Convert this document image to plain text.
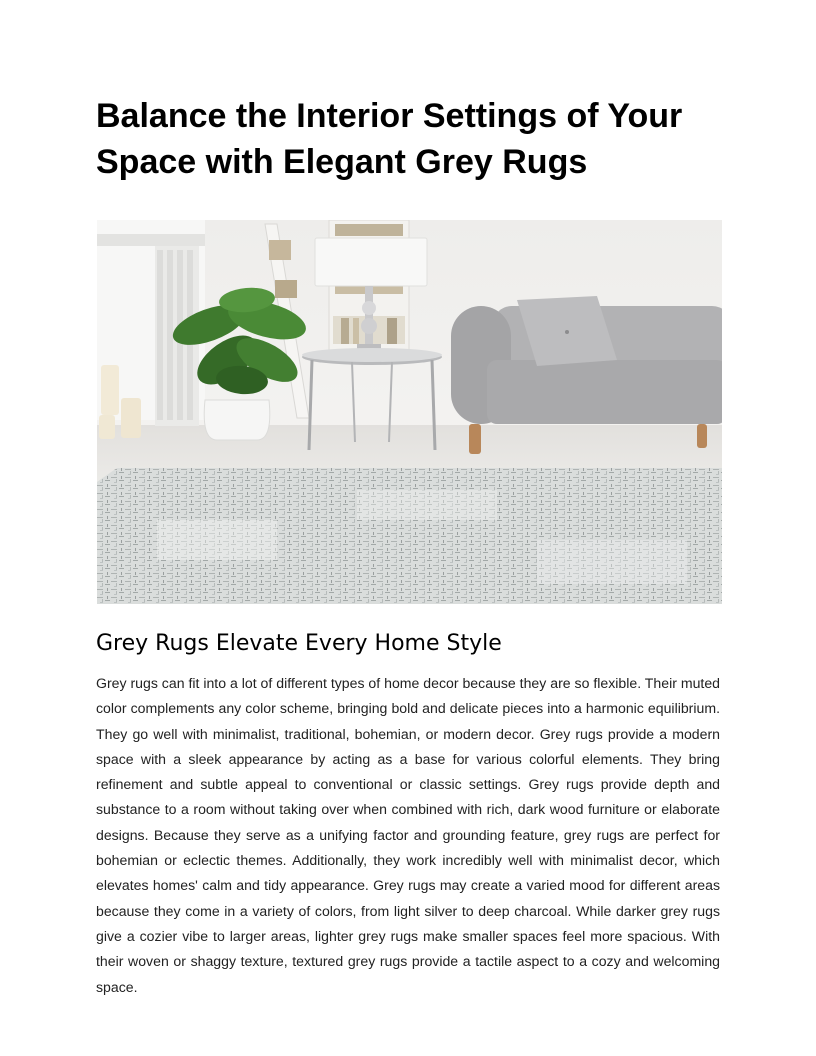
Balance the Interior Settings of Your Space with Elegant Grey Rugs
Grey Rugs Elevate Every Home Style

Grey rugs can fit into a lot of different types of home decor because they are so flexible. Their muted color complements any color scheme, bringing bold and delicate pieces into a harmonic equilibrium. They go well with minimalist, traditional, bohemian, or modern decor. Grey rugs provide a modern space with a sleek appearance by acting as a base for various colorful elements. They bring refinement and subtle appeal to conventional or classic settings. Grey rugs provide depth and substance to a room without taking over when combined with rich, dark wood furniture or elaborate designs. Because they serve as a unifying factor and grounding feature, grey rugs are perfect for bohemian or eclectic themes. Additionally, they work incredibly well with minimalist decor, which elevates homes' calm and tidy appearance. Grey rugs may create a varied mood for different areas because they come in a variety of colors, from light silver to deep charcoal. While darker grey rugs give a cozier vibe to larger areas, lighter grey rugs make smaller spaces feel more spacious. With their woven or shaggy texture, textured grey rugs provide a tactile aspect to a cozy and welcoming space.
